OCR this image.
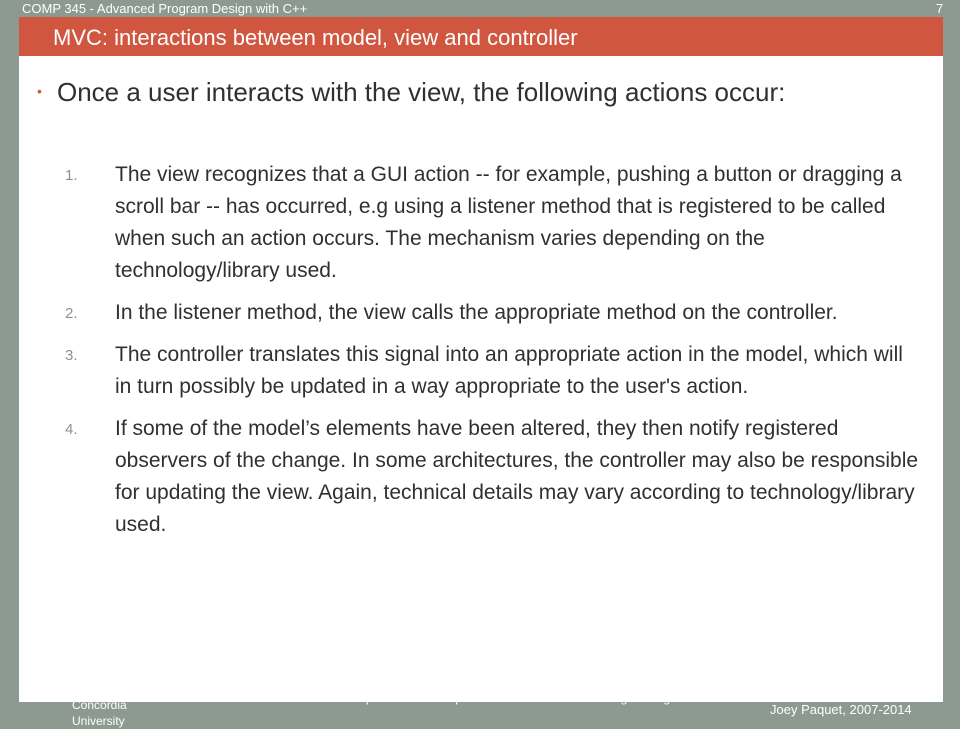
COMP 345 - Advanced Program Design with C++	7
MVC: interactions between model, view and controller
• Once a user interacts with the view, the following actions occur:
1. The view recognizes that a GUI action -- for example, pushing a button or dragging a scroll bar -- has occurred, e.g using a listener method that is registered to be called when such an action occurs. The mechanism varies depending on the technology/library used.
2. In the listener method, the view calls the appropriate method on the controller.
3. The controller translates this signal into an appropriate action in the model, which will in turn possibly be updated in a way appropriate to the user's action.
4. If some of the model’s elements have been altered, they then notify registered observers of the change. In some architectures, the controller may also be responsible for updating the view. Again, technical details may vary according to technology/library used.
Concordia University
Department of Computer Science and Software Engineering
Joey Paquet, 2007-2014
